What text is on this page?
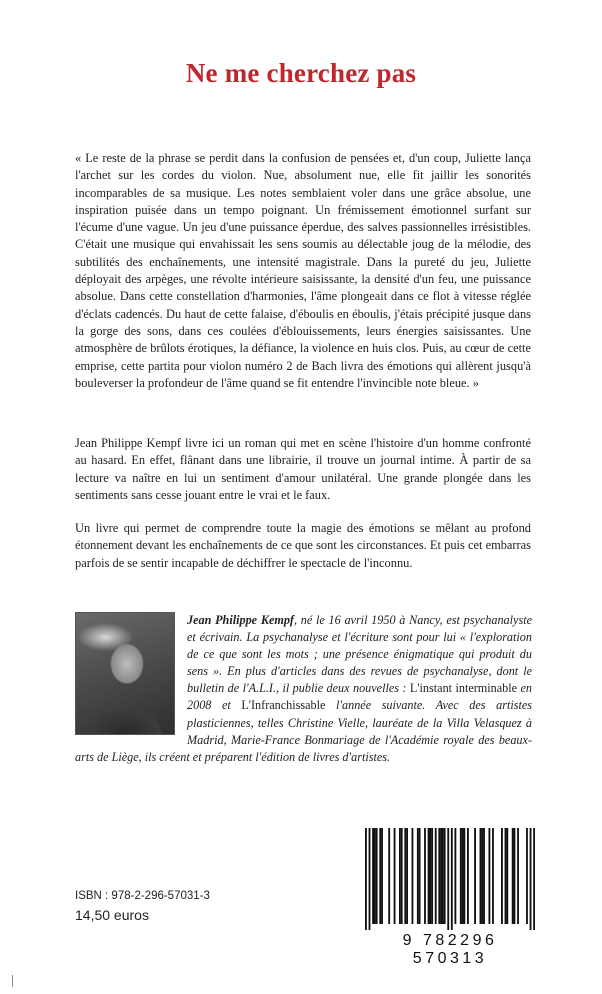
Ne me cherchez pas

« Le reste de la phrase se perdit dans la confusion de pensées et, d'un coup, Juliette lança l'archet sur les cordes du violon. Nue, absolument nue, elle fit jaillir les sonorités incomparables de sa musique. Les notes semblaient voler dans une grâce absolue, une inspiration puisée dans un tempo poignant. Un frémissement émotionnel surfant sur l'écume d'une vague. Un jeu d'une puissance éperdue, des salves passionnelles irrésistibles. C'était une musique qui envahissait les sens soumis au délectable joug de la mélodie, des subtilités des enchaînements, une intensité magistrale. Dans la pureté du jeu, Juliette déployait des arpèges, une révolte intérieure saisissante, la densité d'un feu, une puissance absolue. Dans cette constellation d'harmonies, l'âme plongeait dans ce flot à vitesse réglée d'éclats cadencés. Du haut de cette falaise, d'éboulis en éboulis, j'étais précipité jusque dans la gorge des sons, dans ces coulées d'éblouissements, leurs énergies saisissantes. Une atmosphère de brûlots érotiques, la défiance, la violence en huis clos. Puis, au cœur de cette emprise, cette partita pour violon numéro 2 de Bach livra des émotions qui allèrent jusqu'à bouleverser la profondeur de l'âme quand se fit entendre l'invincible note bleue. »

Jean Philippe Kempf livre ici un roman qui met en scène l'histoire d'un homme confronté au hasard. En effet, flânant dans une librairie, il trouve un journal intime. À partir de sa lecture va naître en lui un sentiment d'amour unilatéral. Une grande plongée dans les sentiments sans cesse jouant entre le vrai et le faux.

Un livre qui permet de comprendre toute la magie des émotions se mêlant au profond étonnement devant les enchaînements de ce que sont les circonstances. Et puis cet embarras parfois de se sentir incapable de déchiffrer le spectacle de l'inconnu.

Jean Philippe Kempf, né le 16 avril 1950 à Nancy, est psychanalyste et écrivain. La psychanalyse et l'écriture sont pour lui « l'exploration de ce que sont les mots ; une présence énigmatique qui produit du sens ». En plus d'articles dans des revues de psychanalyse, dont le bulletin de l'A.L.I., il publie deux nouvelles : L'instant interminable en 2008 et L'Infranchissable l'année suivante. Avec des artistes plasticiennes, telles Christine Vielle, lauréate de la Villa Velasquez à Madrid, Marie-France Bonmariage de l'Académie royale des beaux-arts de Liège, ils créent et préparent l'édition de livres d'artistes.

ISBN : 978-2-296-57031-3
14,50 euros
9 782296 570313
